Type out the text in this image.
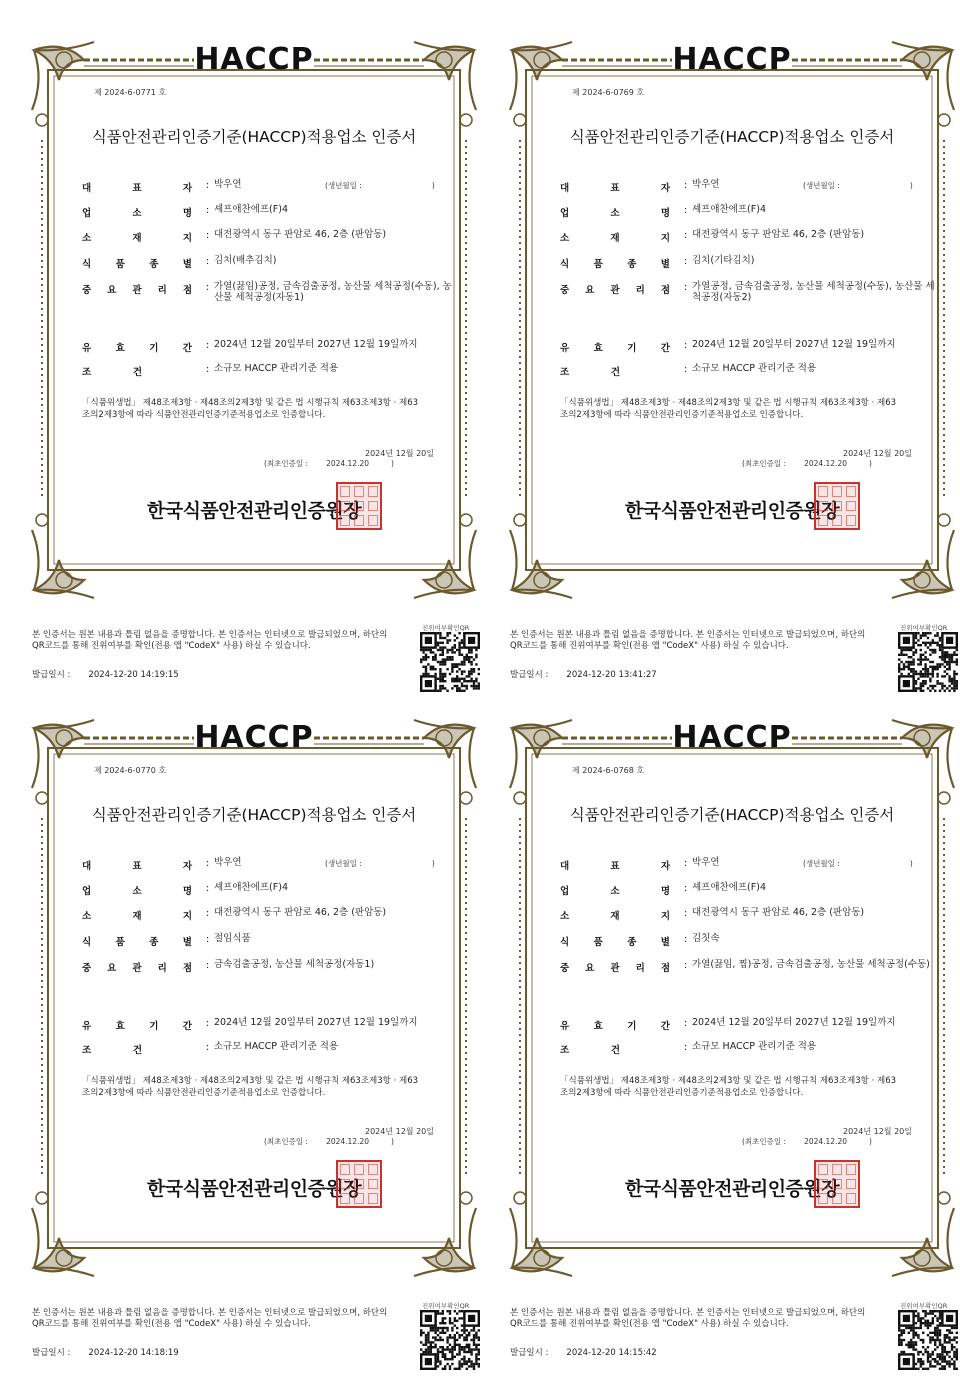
HACCP
제 2024-6-0771 호
식품안전관리인증기준(HACCP)적용업소 인증서
대	표	자 : 박우연	(생년월일 :	)
업	소	명 : 셰프애찬에프(F)4
소	재	지 : 대전광역시 동구 판암로 46, 2층 (판암동)
식	품	종	별 : 김치(배추김치)
중 요 관 리 점 : 가열(끓임)공정, 금속검출공정, 농산물 세척공정(수동), 농산물 세척공정(자동1)
유	효	기	간 : 2024년 12월 20일부터 2027년 12월 19일까지
조	건	: 소규모 HACCP 관리기준 적용
「식품위생법」 제48조제3항 · 제48조의2제3항 및 같은 법 시행규칙 제63조제3항 · 제63조의2제3항에 따라 식품안전관리인증기준적용업소로 인증합니다.
2024년 12월 20일
(최초인증일 : 2024.12.20	)
한국식품안전관리인증원장
본 인증서는 원본 내용과 틀림 없음을 증명합니다. 본 인증서는 인터넷으로 발급되었으며, 하단의 QR코드를 통해 진위여부를 확인(전용 앱 "CodeX" 사용) 하실 수 있습니다.
발급일시 : 2024-12-20 14:19:15
진위여부확인QR
HACCP
제 2024-6-0769 호
식품안전관리인증기준(HACCP)적용업소 인증서
대	표	자 : 박우연	(생년월일 :	)
업	소	명 : 셰프애찬에프(F)4
소	재	지 : 대전광역시 동구 판암로 46, 2층 (판암동)
식	품	종	별 : 김치(기타김치)
중 요 관 리 점 : 가열공정, 금속검출공정, 농산물 세척공정(수동), 농산물 세척공정(자동2)
유	효	기	간 : 2024년 12월 20일부터 2027년 12월 19일까지
조	건	: 소규모 HACCP 관리기준 적용
「식품위생법」 제48조제3항 · 제48조의2제3항 및 같은 법 시행규칙 제63조제3항 · 제63조의2제3항에 따라 식품안전관리인증기준적용업소로 인증합니다.
2024년 12월 20일
(최초인증일 : 2024.12.20	)
한국식품안전관리인증원장
본 인증서는 원본 내용과 틀림 없음을 증명합니다. 본 인증서는 인터넷으로 발급되었으며, 하단의 QR코드를 통해 진위여부를 확인(전용 앱 "CodeX" 사용) 하실 수 있습니다.
발급일시 : 2024-12-20 13:41:27
진위여부확인QR
HACCP
제 2024-6-0770 호
식품안전관리인증기준(HACCP)적용업소 인증서
대	표	자 : 박우연	(생년월일 :	)
업	소	명 : 셰프애찬에프(F)4
소	재	지 : 대전광역시 동구 판암로 46, 2층 (판암동)
식	품	종	별 : 절임식품
중 요 관 리 점 : 금속검출공정, 농산물 세척공정(자동1)
유	효	기	간 : 2024년 12월 20일부터 2027년 12월 19일까지
조	건	: 소규모 HACCP 관리기준 적용
「식품위생법」 제48조제3항 · 제48조의2제3항 및 같은 법 시행규칙 제63조제3항 · 제63조의2제3항에 따라 식품안전관리인증기준적용업소로 인증합니다.
2024년 12월 20일
(최초인증일 : 2024.12.20	)
한국식품안전관리인증원장
본 인증서는 원본 내용과 틀림 없음을 증명합니다. 본 인증서는 인터넷으로 발급되었으며, 하단의 QR코드를 통해 진위여부를 확인(전용 앱 "CodeX" 사용) 하실 수 있습니다.
발급일시 : 2024-12-20 14:18:19
진위여부확인QR
HACCP
제 2024-6-0768 호
식품안전관리인증기준(HACCP)적용업소 인증서
대	표	자 : 박우연	(생년월일 :	)
업	소	명 : 셰프애찬에프(F)4
소	재	지 : 대전광역시 동구 판암로 46, 2층 (판암동)
식	품	종	별 : 김칫속
중 요 관 리 점 : 가열(끓임, 찜)공정, 금속검출공정, 농산물 세척공정(수동)
유	효	기	간 : 2024년 12월 20일부터 2027년 12월 19일까지
조	건	: 소규모 HACCP 관리기준 적용
「식품위생법」 제48조제3항 · 제48조의2제3항 및 같은 법 시행규칙 제63조제3항 · 제63조의2제3항에 따라 식품안전관리인증기준적용업소로 인증합니다.
2024년 12월 20일
(최초인증일 : 2024.12.20	)
한국식품안전관리인증원장
본 인증서는 원본 내용과 틀림 없음을 증명합니다. 본 인증서는 인터넷으로 발급되었으며, 하단의 QR코드를 통해 진위여부를 확인(전용 앱 "CodeX" 사용) 하실 수 있습니다.
발급일시 : 2024-12-20 14:15:42
진위여부확인QR
